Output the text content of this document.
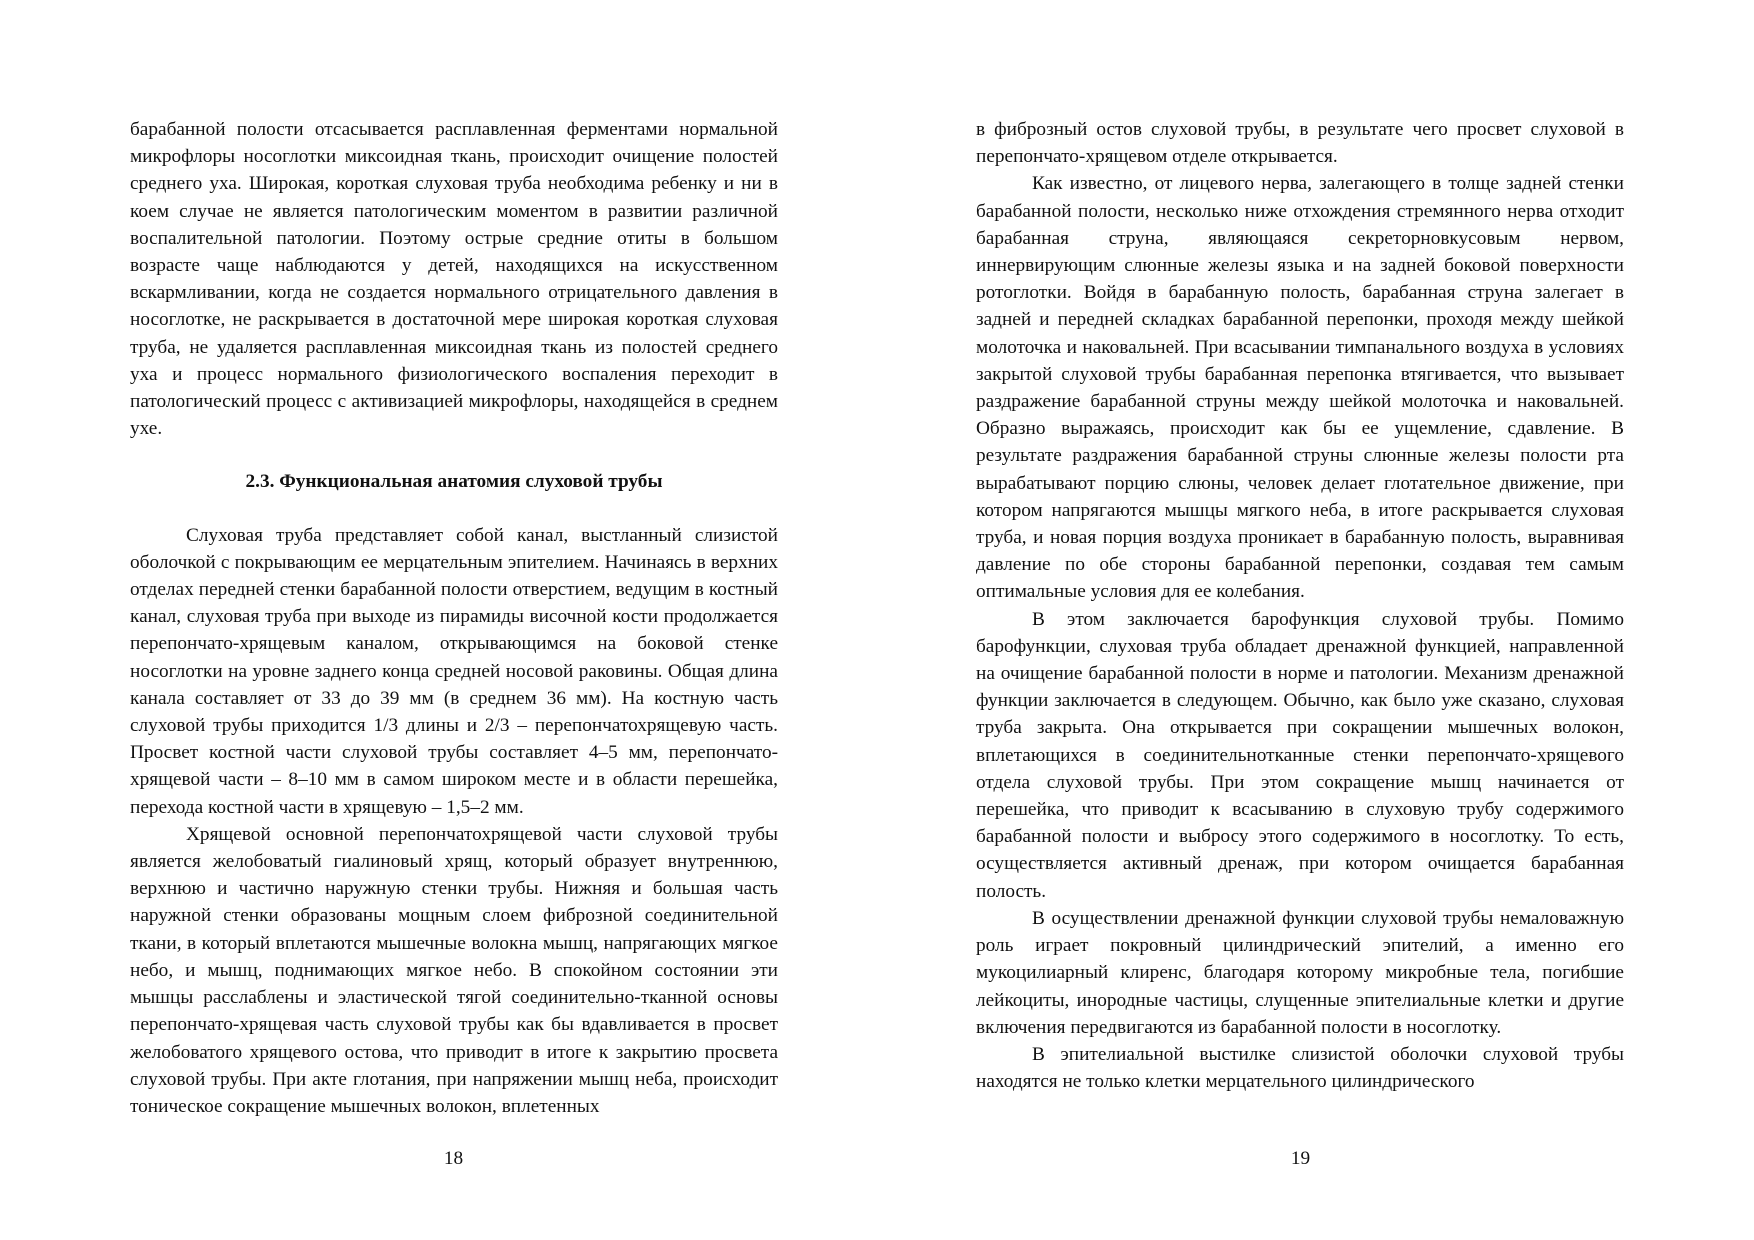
барабанной полости отсасывается расплавленная ферментами нормальной микрофлоры носоглотки миксоидная ткань, происходит очищение полостей среднего уха. Широкая, короткая слуховая труба необходима ребенку и ни в коем случае не является патологическим моментом в развитии различной воспалительной патологии. Поэтому острые средние отиты в большом возрасте чаще наблюдаются у детей, находящихся на искусственном вскармливании, когда не создается нормального отрицательного давления в носоглотке, не раскрывается в достаточной мере широкая короткая слуховая труба, не удаляется расплавленная миксоидная ткань из полостей среднего уха и процесс нормального физиологического воспаления переходит в патологический процесс с активизацией микрофлоры, находящейся в среднем ухе.

2.3. Функциональная анатомия слуховой трубы

Слуховая труба представляет собой канал, выстланный слизистой оболочкой с покрывающим ее мерцательным эпителием. Начинаясь в верхних отделах передней стенки барабанной полости отверстием, ведущим в костный канал, слуховая труба при выходе из пирамиды височной кости продолжается перепончато-хрящевым каналом, открывающимся на боковой стенке носоглотки на уровне заднего конца средней носовой раковины. Общая длина канала составляет от 33 до 39 мм (в среднем 36 мм). На костную часть слуховой трубы приходится 1/3 длины и 2/3 – перепончатохрящевую часть. Просвет костной части слуховой трубы составляет 4–5 мм, перепончато-хрящевой части – 8–10 мм в самом широком месте и в области перешейка, перехода костной части в хрящевую – 1,5–2 мм.

Хрящевой основной перепончатохрящевой части слуховой трубы является желобоватый гиалиновый хрящ, который образует внутреннюю, верхнюю и частично наружную стенки трубы. Нижняя и большая часть наружной стенки образованы мощным слоем фиброзной соединительной ткани, в который вплетаются мышечные волокна мышц, напрягающих мягкое небо, и мышц, поднимающих мягкое небо. В спокойном состоянии эти мышцы расслаблены и эластической тягой соединительно-тканной основы перепончато-хрящевая часть слуховой трубы как бы вдавливается в просвет желобоватого хрящевого остова, что приводит в итоге к закрытию просвета слуховой трубы. При акте глотания, при напряжении мышц неба, происходит тоническое сокращение мышечных волокон, вплетенных

18

в фиброзный остов слуховой трубы, в результате чего просвет слуховой в перепончато-хрящевом отделе открывается.

Как известно, от лицевого нерва, залегающего в толще задней стенки барабанной полости, несколько ниже отхождения стремянного нерва отходит барабанная струна, являющаяся секреторновкусовым нервом, иннервирующим слюнные железы языка и на задней боковой поверхности ротоглотки. Войдя в барабанную полость, барабанная струна залегает в задней и передней складках барабанной перепонки, проходя между шейкой молоточка и наковальней. При всасывании тимпанального воздуха в условиях закрытой слуховой трубы барабанная перепонка втягивается, что вызывает раздражение барабанной струны между шейкой молоточка и наковальней. Образно выражаясь, происходит как бы ее ущемление, сдавление. В результате раздражения барабанной струны слюнные железы полости рта вырабатывают порцию слюны, человек делает глотательное движение, при котором напрягаются мышцы мягкого неба, в итоге раскрывается слуховая труба, и новая порция воздуха проникает в барабанную полость, выравнивая давление по обе стороны барабанной перепонки, создавая тем самым оптимальные условия для ее колебания.

В этом заключается барофункция слуховой трубы. Помимо барофункции, слуховая труба обладает дренажной функцией, направленной на очищение барабанной полости в норме и патологии. Механизм дренажной функции заключается в следующем. Обычно, как было уже сказано, слуховая труба закрыта. Она открывается при сокращении мышечных волокон, вплетающихся в соединительнотканные стенки перепончато-хрящевого отдела слуховой трубы. При этом сокращение мышц начинается от перешейка, что приводит к всасыванию в слуховую трубу содержимого барабанной полости и выбросу этого содержимого в носоглотку. То есть, осуществляется активный дренаж, при котором очищается барабанная полость.

В осуществлении дренажной функции слуховой трубы немаловажную роль играет покровный цилиндрический эпителий, а именно его мукоцилиарный клиренс, благодаря которому микробные тела, погибшие лейкоциты, инородные частицы, слущенные эпителиальные клетки и другие включения передвигаются из барабанной полости в носоглотку.

В эпителиальной выстилке слизистой оболочки слуховой трубы находятся не только клетки мерцательного цилиндрического

19
